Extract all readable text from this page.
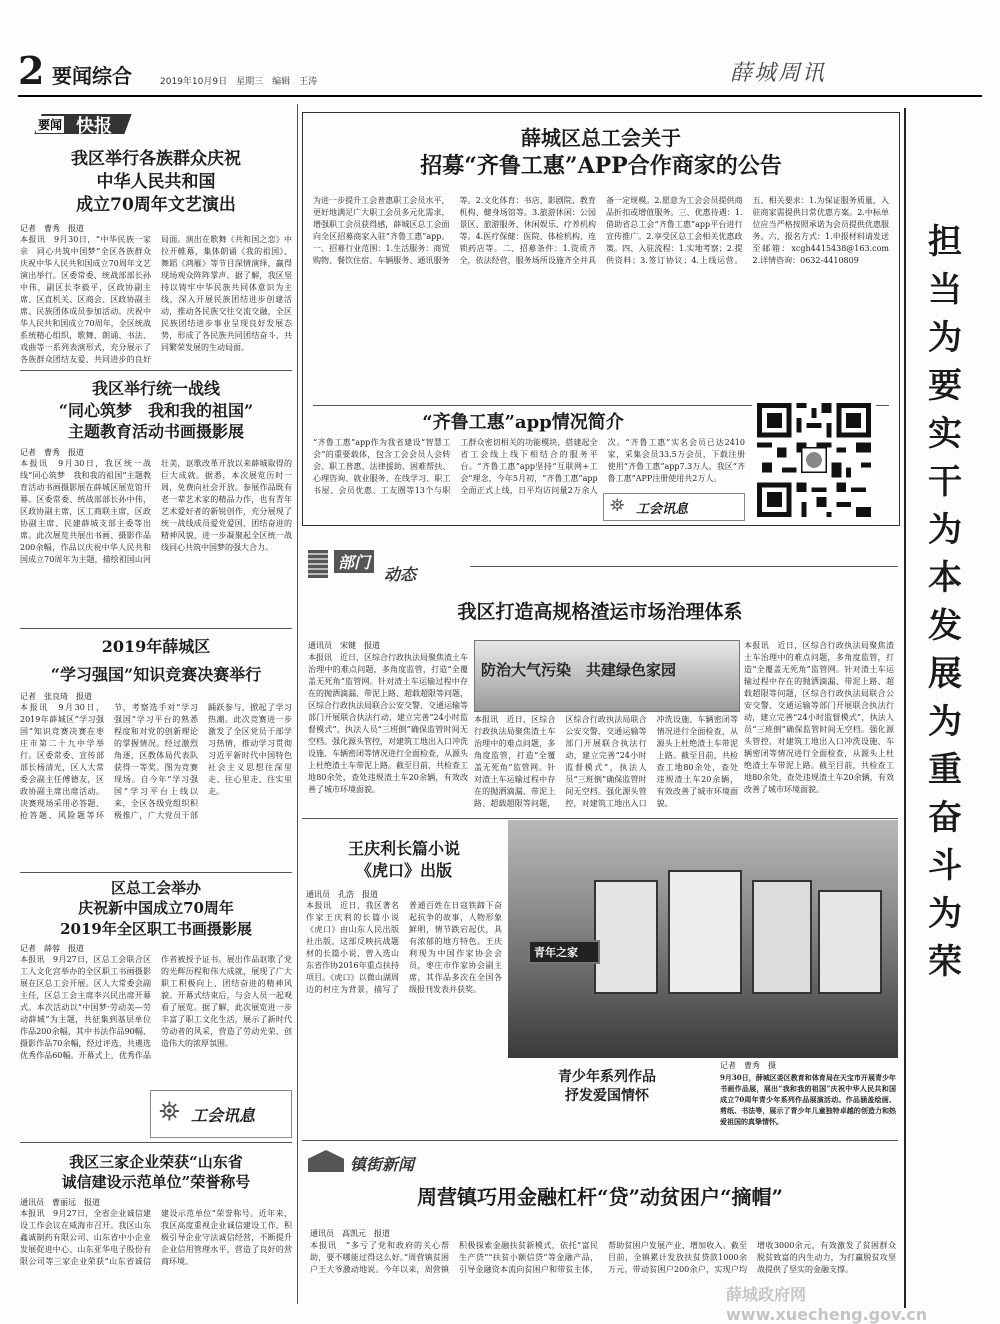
2 要闻综合	2019年10月9日　星期三　编辑　王涛	薛城周讯
要闻 快报
我区举行各族群众庆祝
中华人民共和国
成立70周年文艺演出
记者　曹秀　报道
本报讯　9月30日，“中华民族一家亲　同心共筑中国梦”全区各族群众庆祝中华人民共和国成立70周年文艺演出举行。区委常委、统战部部长孙中伟，副区长李毅平，区政协副主席、区直机关、区商会、区政协副主席、民族团体成员参加活动。庆祝中华人民共和国成立70周年，全区统战系统精心组织，歌舞、朗诵、书法、戏曲等一系列表演形式，充分展示了各族群众团结友爱、共同进步的良好局面。演出在歌舞《共和国之恋》中拉开帷幕，集体朗诵《我的祖国》、舞蹈《鸿雁》等节目深情演绎，赢得现场观众阵阵掌声。据了解，我区坚持以铸牢中华民族共同体意识为主线，深入开展民族团结进步创建活动，推动各民族交往交流交融，全区民族团结进步事业呈现良好发展态势，形成了各民族共同团结奋斗、共同繁荣发展的生动局面。
我区举行统一战线
“同心筑梦　我和我的祖国”
主题教育活动书画摄影展
记者　曹秀　报道
本报讯　9月30日，我区统一战线“同心筑梦　我和我的祖国”主题教育活动书画摄影展在薛城区展览馆开幕。区委常委、统战部部长孙中伟，区政协副主席，区工商联主席，区政协副主席、民建薛城支部主委等出席。此次展览共展出书画、摄影作品200余幅，作品以庆祝中华人民共和国成立70周年为主题，描绘祖国山河壮美，讴歌改革开放以来薛城取得的巨大成就。据悉，本次展览历时一周，免费向社会开放。参展作品既有老一辈艺术家的精品力作，也有青年艺术爱好者的新锐创作，充分展现了统一战线成员爱党爱国、团结奋进的精神风貌，进一步凝聚起全区统一战线同心共筑中国梦的强大合力。
2019年薛城区
“学习强国”知识竞赛决赛举行
记者　张良琦　报道
本报讯　9月30日，2019年薛城区“学习强国”知识竞赛决赛在枣庄市第二十九中学举行。区委常委、宣传部部长杨清光，区人大常委会副主任傅德友，区政协副主席出席活动。决赛现场采用必答题、抢答题、风险题等环节，考察选手对“学习强国”学习平台的熟悉程度和对党的创新理论的掌握情况。经过激烈角逐，区教体局代表队获得一等奖。图为竞赛现场。自今年“学习强国”学习平台上线以来，全区各级党组织积极推广，广大党员干部踊跃参与，掀起了学习热潮。此次竞赛进一步激发了全区党员干部学习热情，推动学习贯彻习近平新时代中国特色社会主义思想往深里走、往心里走、往实里走。
区总工会举办
庆祝新中国成立70周年
2019年全区职工书画摄影展
记者　薛蓉　报道
本报讯　9月27日，区总工会联合区工人文化宫举办的全区职工书画摄影展在区总工会开展。区人大常委会副主任，区总工会主席李兴民出席开幕式。本次活动以“中国梦·劳动美—劳动薛城”为主题，共征集到基层单位作品200余幅，其中书法作品90幅、摄影作品70余幅，经过评选，共遴选优秀作品60幅。开幕式上，优秀作品作者被授予证书。展出作品讴歌了党的光辉历程和伟大成就，展现了广大职工积极向上、团结奋进的精神风貌。开幕式结束后，与会人员一起观看了展览。据了解，此次展览进一步丰富了职工文化生活，展示了新时代劳动者的风采，营造了劳动光荣、创造伟大的浓厚氛围。
⛯ 工会讯息
我区三家企业荣获“山东省
诚信建设示范单位”荣誉称号
通讯员　曹丽远　报道
本报讯　9月27日，全省企业诚信建设工作会议在威海市召开。我区山东鑫诚制药有限公司、山东省中小企业发展促进中心、山东亚华电子股份有限公司等三家企业荣获“山东省诚信建设示范单位”荣誉称号。近年来，我区高度重视企业诚信建设工作，积极引导企业守法诚信经营，不断提升企业信用管理水平，营造了良好的营商环境。
薛城区总工会关于
招募“齐鲁工惠”APP合作商家的公告
为进一步提升工会普惠职工会员水平，更好地满足广大职工会员多元化需求，增强职工会员获得感，薛城区总工会面向全区招募商家入驻“齐鲁工惠”app。一、招募行业范围：1.生活服务：商贸购物、餐饮住宿、车辆服务、通讯服务等。2.文化体育：书店、影剧院、教育机构、健身场馆等。3.旅游休闲：公园景区、旅游服务、休闲娱乐、疗养机构等。4.医疗保健：医院、体检机构、连锁药店等。二、招募条件：1.资质齐全，依法经营，服务场所设施齐全并具备一定规模。2.愿意为工会会员提供商品折扣或增值服务。三、优惠待遇：1.借助省总工会“齐鲁工惠”app平台进行宣传推广。2.享受区总工会相关优惠政策。四、入驻流程：1.实地考察；2.提供资料；3.签订协议；4.上线运营。五、相关要求：1.为保证服务质量，入驻商家需提供日常优惠方案。2.中标单位应当严格按照承诺为会员提供优惠服务。六、报名方式：1.申报材料请发送至邮箱：xcgh4415438@163.com 2.详情咨询：0632-4410809
“齐鲁工惠”app情况简介
“齐鲁工惠”app作为我省建设“智慧工会”的重要载体，包含工会会员人会转会、职工普惠、法律援助、困难帮扶、心理咨询、就业服务、在线学习、职工书屋、会员优惠、工友圈等13个与职工群众密切相关的功能模块，搭建起全省工会线上线下相结合的服务平台。“齐鲁工惠”app坚持“互联网+工会”理念，今年5月初，“齐鲁工惠”app全面正式上线，日平均访问量2万余人次。“齐鲁工惠”实名会员已达2410家，采集会员33.5万会员，下载注册使用“齐鲁工惠”app7.3万人。我区“齐鲁工惠”APP注册使用共2万人。
⛯ 工会讯息
部门
动态
我区打造高规格渣运市场治理体系
通讯员　宋键　报道
本报讯　近日，区综合行政执法局聚焦渣土车治理中的难点问题，多角度监管，打造“全覆盖无死角”监管网。针对渣土车运输过程中存在的抛洒滴漏、带泥上路、超载超限等问题，区综合行政执法局联合公安交警、交通运输等部门开展联合执法行动，建立完善“24小时监督模式”，执法人员“三班倒”确保监管时间无空档。强化源头管控，对建筑工地出入口冲洗设施、车辆密闭等情况进行全面检查，从源头上杜绝渣土车带泥上路。截至目前，共检查工地80余处，查处违规渣土车20余辆，有效改善了城市环境面貌。
防治大气污染　共建绿色家园
本报讯　近日，区综合行政执法局聚焦渣土车治理中的难点问题，多角度监管，打造“全覆盖无死角”监管网。针对渣土车运输过程中存在的抛洒滴漏、带泥上路、超载超限等问题，区综合行政执法局联合公安交警、交通运输等部门开展联合执法行动，建立完善“24小时监督模式”，执法人员“三班倒”确保监管时间无空档。强化源头管控，对建筑工地出入口冲洗设施、车辆密闭等情况进行全面检查，从源头上杜绝渣土车带泥上路。截至目前，共检查工地80余处，查处违规渣土车20余辆，有效改善了城市环境面貌。
本报讯　近日，区综合行政执法局聚焦渣土车治理中的难点问题，多角度监管，打造“全覆盖无死角”监管网。针对渣土车运输过程中存在的抛洒滴漏、带泥上路、超载超限等问题，区综合行政执法局联合公安交警、交通运输等部门开展联合执法行动，建立完善“24小时监督模式”，执法人员“三班倒”确保监管时间无空档。强化源头管控，对建筑工地出入口冲洗设施、车辆密闭等情况进行全面检查，从源头上杜绝渣土车带泥上路。截至目前，共检查工地80余处，查处违规渣土车20余辆，有效改善了城市环境面貌。
王庆利长篇小说
《虎口》出版
通讯员　孔浩　报道
本报讯　近日，我区著名作家王庆利的长篇小说《虎口》由山东人民出版社出版。这部反映抗战题材的长篇小说，曾入选山东省作协2016年重点扶持项目。《虎口》以微山湖周边的村庄为背景，描写了普通百姓在日寇铁蹄下奋起抗争的故事，人物形象鲜明，情节跌宕起伏，具有浓郁的地方特色。王庆利现为中国作家协会会员，枣庄市作家协会副主席，其作品多次在全国各级报刊发表并获奖。
青年之家
青少年系列作品
抒发爱国情怀
记者　曹秀　摄
9月30日，薛城区委区教育和体育局在天宝市开展青少年书画作品展，展出“我和我的祖国”庆祝中华人民共和国成立70周年青少年系列作品展演活动。作品涵盖绘画、剪纸、书法等，展示了青少年儿童独特卓越的创造力和热爱祖国的真挚情怀。
镇街新闻
周营镇巧用金融杠杆“贷”动贫困户“摘帽”
通讯员　高凯元　报道
本报讯　“多亏了党和政府的关心帮助，要不哪能过得这么好。”周营镇贫困户王大爷激动地说。今年以来，周营镇积极探索金融扶贫新模式，依托“富民生产贷”“扶贫小额信贷”等金融产品，引导金融资本流向贫困户和带贫主体，帮助贫困户发展产业、增加收入。截至目前，全镇累计发放扶贫贷款1000余万元，带动贫困户200余户，实现户均增收3000余元，有效激发了贫困群众脱贫致富的内生动力，为打赢脱贫攻坚战提供了坚实的金融支撑。
担当为要　实干为本　发展为重　奋斗为荣
薛城政府网　www.xuecheng.gov.cn
